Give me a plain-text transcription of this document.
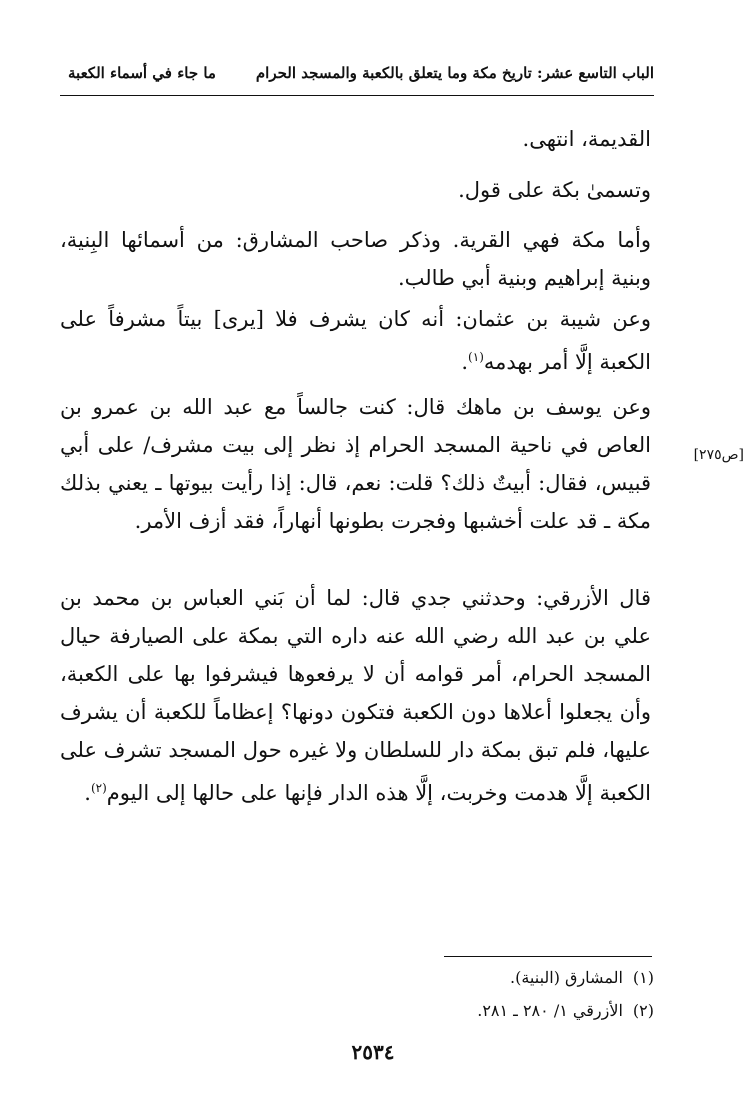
الباب التاسع عشر: تاريخ مكة وما يتعلق بالكعبة والمسجد الحرام
ما جاء في أسماء الكعبة
القديمة، انتهى.
وتسمىٰ بكة على قول.
وأما مكة فهي القرية. وذكر صاحب المشارق: من أسمائها البِنية، وبنية إبراهيم وبنية أبي طالب.
وعن شيبة بن عثمان: أنه كان يشرف فلا [يرى] بيتاً مشرفاً على الكعبة إلَّا أمر بهدمه$^{(١)}$.
وعن يوسف بن ماهك قال: كنت جالساً مع عبد الله بن عمرو بن العاص في ناحية المسجد الحرام إذ نظر إلى بيت مشرف/ على أبي قبيس، فقال: أبيتٌ ذلك؟ قلت: نعم، قال: إذا رأيت بيوتها ـ يعني بذلك مكة ـ قد علت أخشبها وفجرت بطونها أنهاراً، فقد أزف الأمر.
[ص٢٧٥]
قال الأزرقي: وحدثني جدي قال: لما أن بَني العباس بن محمد بن علي بن عبد الله رضي الله عنه داره التي بمكة على الصيارفة حيال المسجد الحرام، أمر قوامه أن لا يرفعوها فيشرفوا بها على الكعبة، وأن يجعلوا أعلاها دون الكعبة فتكون دونها؟ إعظاماً للكعبة أن يشرف عليها، فلم تبق بمكة دار للسلطان ولا غيره حول المسجد تشرف على الكعبة إلَّا هدمت وخربت، إلَّا هذه الدار فإنها على حالها إلى اليوم$^{(٢)}$.
(١)المشارق (البنية).
(٢)الأزرقي ١/ ٢٨٠ ـ ٢٨١.
٢٥٣٤
